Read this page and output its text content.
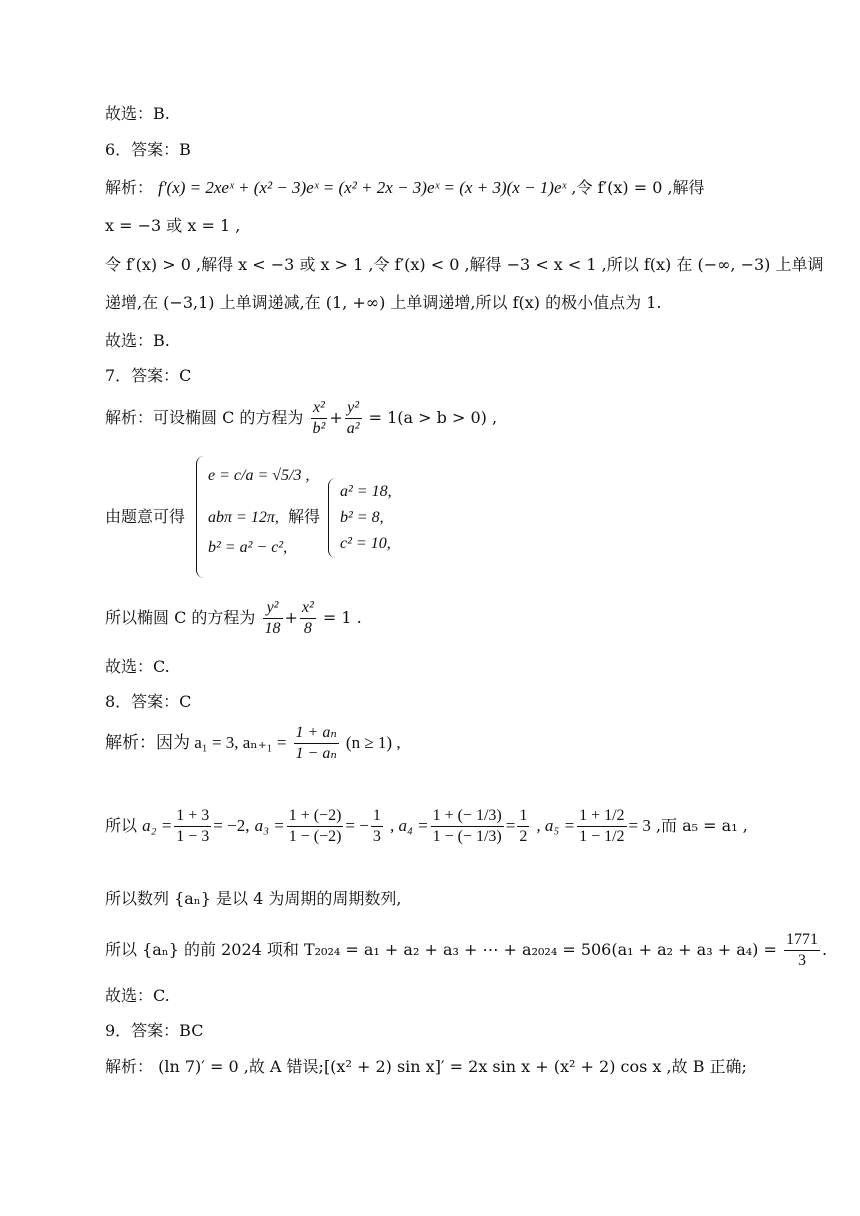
故选：B.
6．答案：B
解析： f′(x) = 2xeˣ + (x² − 3)eˣ = (x² + 2x − 3)eˣ = (x + 3)(x − 1)eˣ ,令 f′(x) = 0 ,解得
x = −3 或 x = 1 ,
令 f′(x) > 0 ,解得 x < −3 或 x > 1 ,令 f′(x) < 0 ,解得 −3 < x < 1 ,所以 f(x) 在 (−∞, −3) 上单调
递增,在 (−3,1) 上单调递减,在 (1, +∞) 上单调递增,所以 f(x) 的极小值点为 1.
故选：B.
7．答案：C
解析：可设椭圆 C 的方程为 $\frac{\text{x²}}{\text{b²}} + \frac{\text{y²}}{\text{a²}} = 1(a > b > 0)$ ,
由题意可得
e = c/a = √5/3 ,
abπ = 12π,
b² = a² − c²,
解得
a² = 18,
b² = 8,
c² = 10,
所以椭圆 C 的方程为 $\frac{\text{y²}}{18} + \frac{\text{x²}}{8} = 1$ .
故选：C.
8．答案：C
解析：因为 a₁ = 3, $a_{n+1} = \frac{\text{1 + aₙ}}{\text{1 − aₙ}} (n \ge 1)$ ,
所以 $a_2 = \frac{1 + 3}{1 - 3} = -2$, $a_3 = \frac{1 + (-2)}{1 - (-2)}$ = − $\frac{1}{3}$ , $a_4 = \frac{1 + (- 1/3)}{1 - (- 1/3)} = \frac{1}{2}$ , $a_5 = \frac{1 + 1/2}{1 - 1/2} = 3$ ,而 a₅ = a₁ ,
所以数列 {aₙ} 是以 4 为周期的周期数列,
所以 {aₙ} 的前 2024 项和 T₂₀₂₄ = a₁ + a₂ + a₃ + ⋯ + $a_{2024} = 506(a_1 + a_2 + a_3 + a_4) = \frac{1771}{3}$ .
故选：C.
9．答案：BC
解析： (ln 7)′ = 0 ,故 A 错误;[(x² + 2) sin x]′ = 2x sin x + (x² + 2) cos x ,故 B 正确;
